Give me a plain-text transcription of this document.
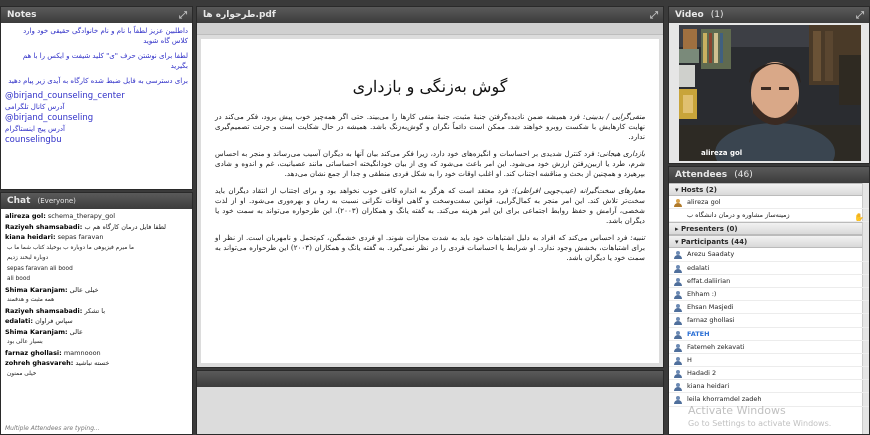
Notes	⤢

داطلبین عزیز لطفاً با نام و نام خانوادگی حقیقی خود وارد کلاس گاه شوید

لطفا برای نوشتن حرف "ی" کلید شیفت و ایکس را با هم بگیرید

برای دسترسی به فایل ضبط شده کارگاه به آیدی زیر پیام دهید

@birjand_counseling_center
آدرس کانال تلگرامی
@birjand_counseling
آدرس پیج اینستاگرام
counselingbu
Chat (Everyone)
alireza gol: schema_therapy_gol
Raziyeh shamsabadi: لطفا فایل درمان کارگاه هم ب
kiana heidari: sepas faravan
ما میرم فیزیوهی ما دوباره ب بوخیلد کتاب شما ما ب
دوباره لبخند زدیم
sepas faravan ali bood
ali bood
Shima Karanjam: خیلی عالی
همه مثبت و هدفمند
Raziyeh shamsabadi: با تشکر
edalati: سپاس فراوان
Shima Karanjam: عالی
بسیار عالی بود
farnaz ghollasi: mamnooon
zohreh ghasvareh: خسته نباشید
خیلی ممنون
Multiple Attendees are typing...
طرحواره ها.pdf	⤢
گوش به‌زنگی و بازداری
منفی‌گرایی / بدبینی: فرد همیشه ضمن نادیده‌گرفتن جنبهٔ مثبت، جنبهٔ منفی کارها را می‌بیند. حتی اگر همه‌چیز خوب پیش برود، فکر می‌کند در نهایت کارهایش با شکست روبرو خواهند شد. ممکن است دائماً نگران و گوش‌به‌زنگ باشد. همیشه در حال شکایت است و جرئت تصمیم‌گیری ندارد.
بازداری هیجانی: فرد کنترل شدیدی بر احساسات و انگیزه‌های خود دارد، زیرا فکر می‌کند بیان آنها به دیگران آسیب می‌رساند و منجر به احساس شرم، طرد یا ازبین‌رفتن ارزش خود می‌شود. این امر باعث می‌شود که وی از بیان خودانگیخته احساساتی مانند عصبانیت، غم و اندوه و شادی بپرهیزد و همچنین از بحث و مناقشه اجتناب کند. او اغلب اوقات خود را به شکل فردی منطقی و جدا از جمع نشان می‌دهد.
معیارهای سخت‌گیرانه (عیب‌جویی افراطی): فرد معتقد است که هرگز به اندازه کافی خوب نخواهد بود و برای اجتناب از انتقاد دیگران باید سخت‌تر تلاش کند. این امر منجر به کمال‌گرایی، قوانین سفت‌وسخت و گاهی اوقات نگرانی نسبت به زمان و بهره‌وری می‌شود. او از لذت شخصی، آرامش و حفظ روابط اجتماعی برای این امر هزینه می‌کند. به گفته یانگ و همکاران (۲۰۰۳)، این طرحواره می‌تواند به سمت خود یا دیگران باشد.
تنبیه: فرد احساس می‌کند که افراد به دلیل اشتباهات خود باید به شدت مجازات شوند. او فردی خشمگین، کم‌تحمل و نامهربان است. از نظر او برای اشتباهات، بخشش وجود ندارد. او شرایط یا احساسات فردی را در نظر نمی‌گیرد. به گفته یانگ و همکاران (۲۰۰۳) این طرحواره می‌تواند به سمت خود یا دیگران باشد.
Video (1)	⤢
alireza gol
Attendees (46)
▾ Hosts (2)
alireza gol
زمینه‌ساز مشاوره و درمان دانشگاه ب	✋
▸ Presenters (0)
▾ Participants (44)
Arezu Saadaty
edalati
effat.daliirian
Ehham :)
Ehsan Masjedi
farnaz ghollasi
FATEH
Fatemeh zekavati
H
Hadadi 2
kiana heidari
leila khorramdel zadeh
Activate Windows
Go to Settings to activate Windows.
